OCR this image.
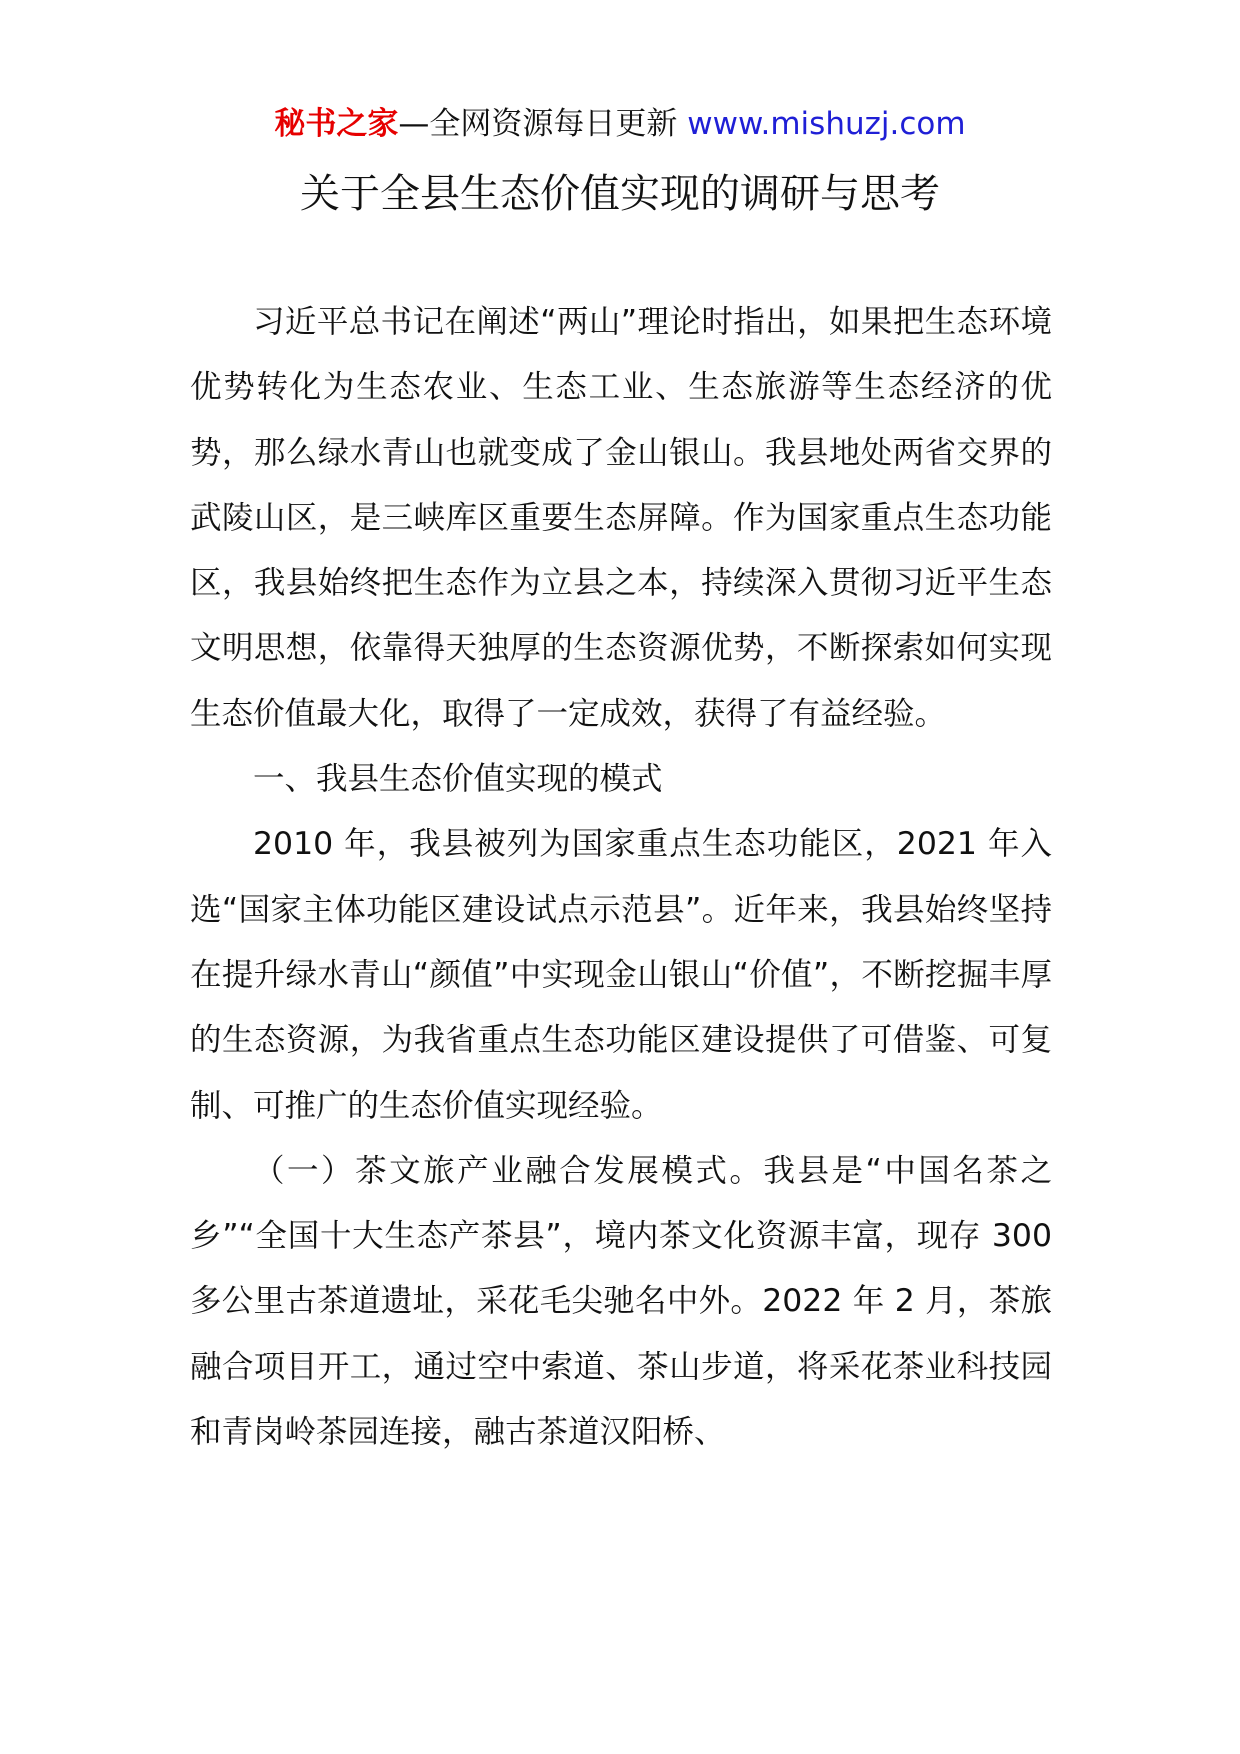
秘书之家—全网资源每日更新 www.mishuzj.com
关于全县生态价值实现的调研与思考

习近平总书记在阐述“两山”理论时指出，如果把生态环境优势转化为生态农业、生态工业、生态旅游等生态经济的优势，那么绿水青山也就变成了金山银山。我县地处两省交界的武陵山区，是三峡库区重要生态屏障。作为国家重点生态功能区，我县始终把生态作为立县之本，持续深入贯彻习近平生态文明思想，依靠得天独厚的生态资源优势，不断探索如何实现生态价值最大化，取得了一定成效，获得了有益经验。

一、我县生态价值实现的模式

2010 年，我县被列为国家重点生态功能区，2021 年入选“国家主体功能区建设试点示范县”。近年来，我县始终坚持在提升绿水青山“颜值”中实现金山银山“价值”，不断挖掘丰厚的生态资源，为我省重点生态功能区建设提供了可借鉴、可复制、可推广的生态价值实现经验。

（一）茶文旅产业融合发展模式。我县是“中国名茶之乡”“全国十大生态产茶县”，境内茶文化资源丰富，现存 300 多公里古茶道遗址，采花毛尖驰名中外。2022 年 2 月，茶旅融合项目开工，通过空中索道、茶山步道，将采花茶业科技园和青岗岭茶园连接，融古茶道汉阳桥、
